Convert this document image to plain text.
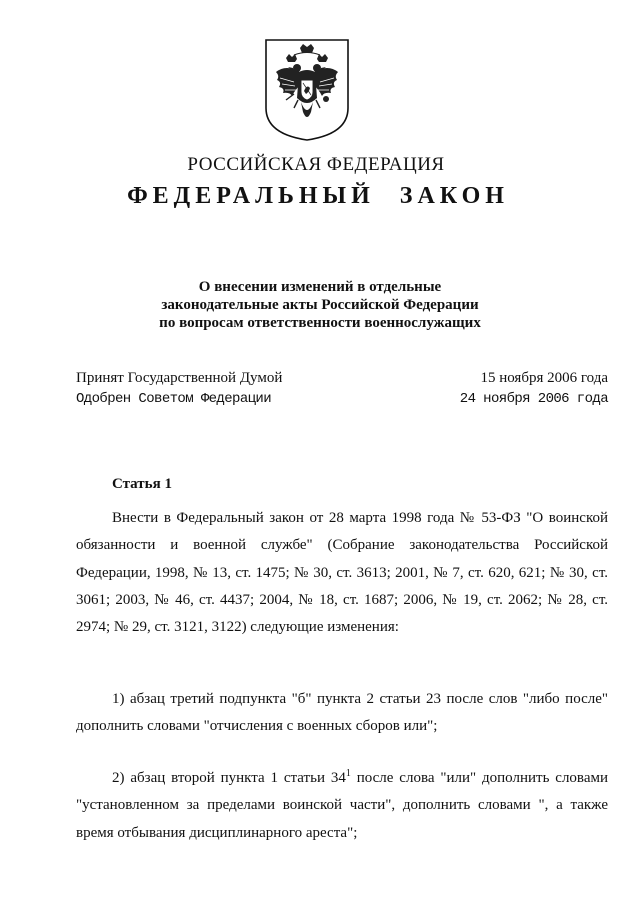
РОССИЙСКАЯ ФЕДЕРАЦИЯ
ФЕДЕРАЛЬНЫЙ ЗАКОН
О внесении изменений в отдельные
законодательные акты Российской Федерации
по вопросам ответственности военнослужащих
Принят Государственной Думой	15 ноября 2006 года
Одобрен Советом Федерации	24 ноября 2006 года
Статья 1

Внести в Федеральный закон от 28 марта 1998 года № 53-ФЗ "О воинской обязанности и военной службе" (Собрание законодательства Российской Федерации, 1998, № 13, ст. 1475; № 30, ст. 3613; 2001, № 7, ст. 620, 621; № 30, ст. 3061; 2003, № 46, ст. 4437; 2004, № 18, ст. 1687; 2006, № 19, ст. 2062; № 28, ст. 2974; № 29, ст. 3121, 3122) следующие изменения:

1) абзац третий подпункта "б" пункта 2 статьи 23 после слов "либо после" дополнить словами "отчисления с военных сборов или";

2) абзац второй пункта 1 статьи $34^1$ после слова "или" дополнить словами "установленном за пределами воинской части", дополнить словами ", а также время отбывания дисциплинарного ареста";
